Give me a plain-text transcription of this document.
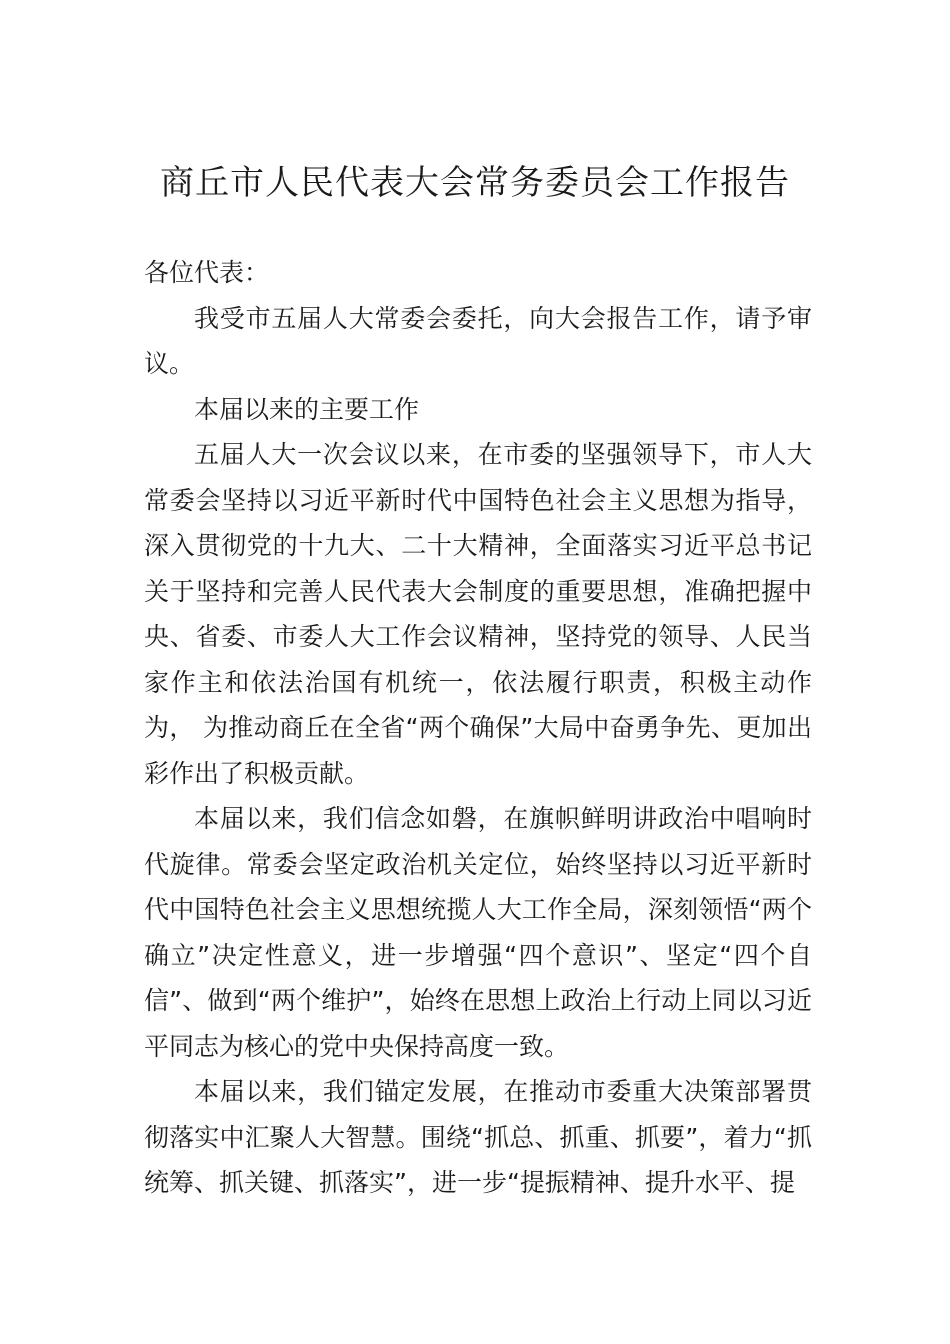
商丘市人民代表大会常务委员会工作报告

各位代表：

我受市五届人大常委会委托，向大会报告工作，请予审议。

本届以来的主要工作

五届人大一次会议以来，在市委的坚强领导下，市人大常委会坚持以习近平新时代中国特色社会主义思想为指导， 深入贯彻党的十九大、二十大精神，全面落实习近平总书记关于坚持和完善人民代表大会制度的重要思想，准确把握中央、省委、市委人大工作会议精神，坚持党的领导、人民当家作主和依法治国有机统一，依法履行职责，积极主动作为， 为推动商丘在全省“两个确保”大局中奋勇争先、更加出彩作出了积极贡献。

本届以来，我们信念如磐，在旗帜鲜明讲政治中唱响时代旋律。常委会坚定政治机关定位，始终坚持以习近平新时代中国特色社会主义思想统揽人大工作全局，深刻领悟“两个确立”决定性意义，进一步增强“四个意识”、坚定“四个自信”、做到“两个维护”，始终在思想上政治上行动上同以习近平同志为核心的党中央保持高度一致。

本届以来，我们锚定发展，在推动市委重大决策部署贯彻落实中汇聚人大智慧。围绕“抓总、抓重、抓要”，着力“抓统筹、抓关键、抓落实”，进一步“提振精神、提升水平、提
